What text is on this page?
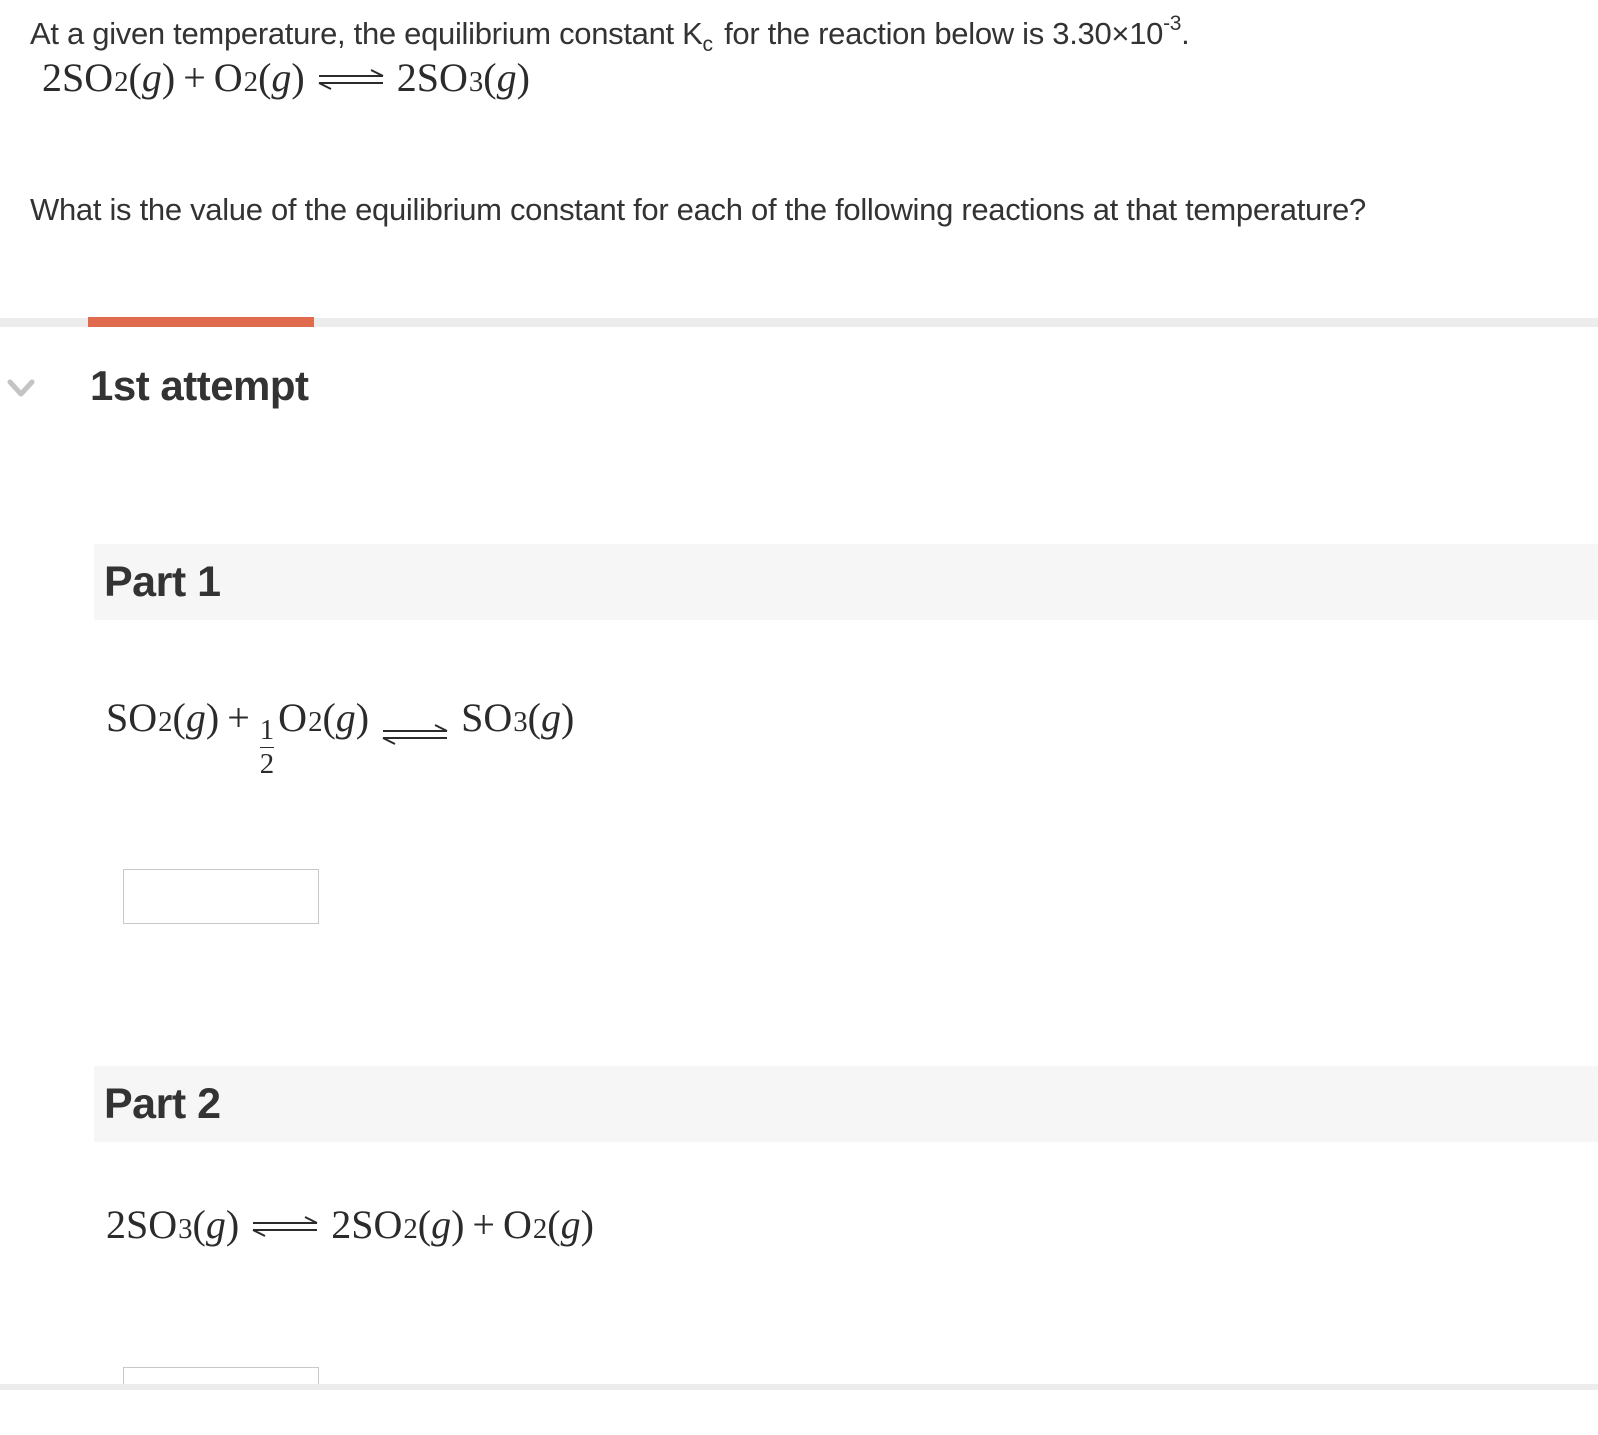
At a given temperature, the equilibrium constant $K_c$ for the reaction below is $3.30\times 10^{-3}$.
2 SO 2 ( g ) + O 2 ( g ) ⇌ 2 SO 3 ( g )
What is the value of the equilibrium constant for each of the following reactions at that temperature?
1st attempt
Part 1
SO 2 ( g ) + $\frac{1}{2}$ O 2 ( g ) ⇌ SO 3 ( g )
Part 2
2 SO 3 ( g ) ⇌ 2 SO 2 ( g ) + O 2 ( g )
